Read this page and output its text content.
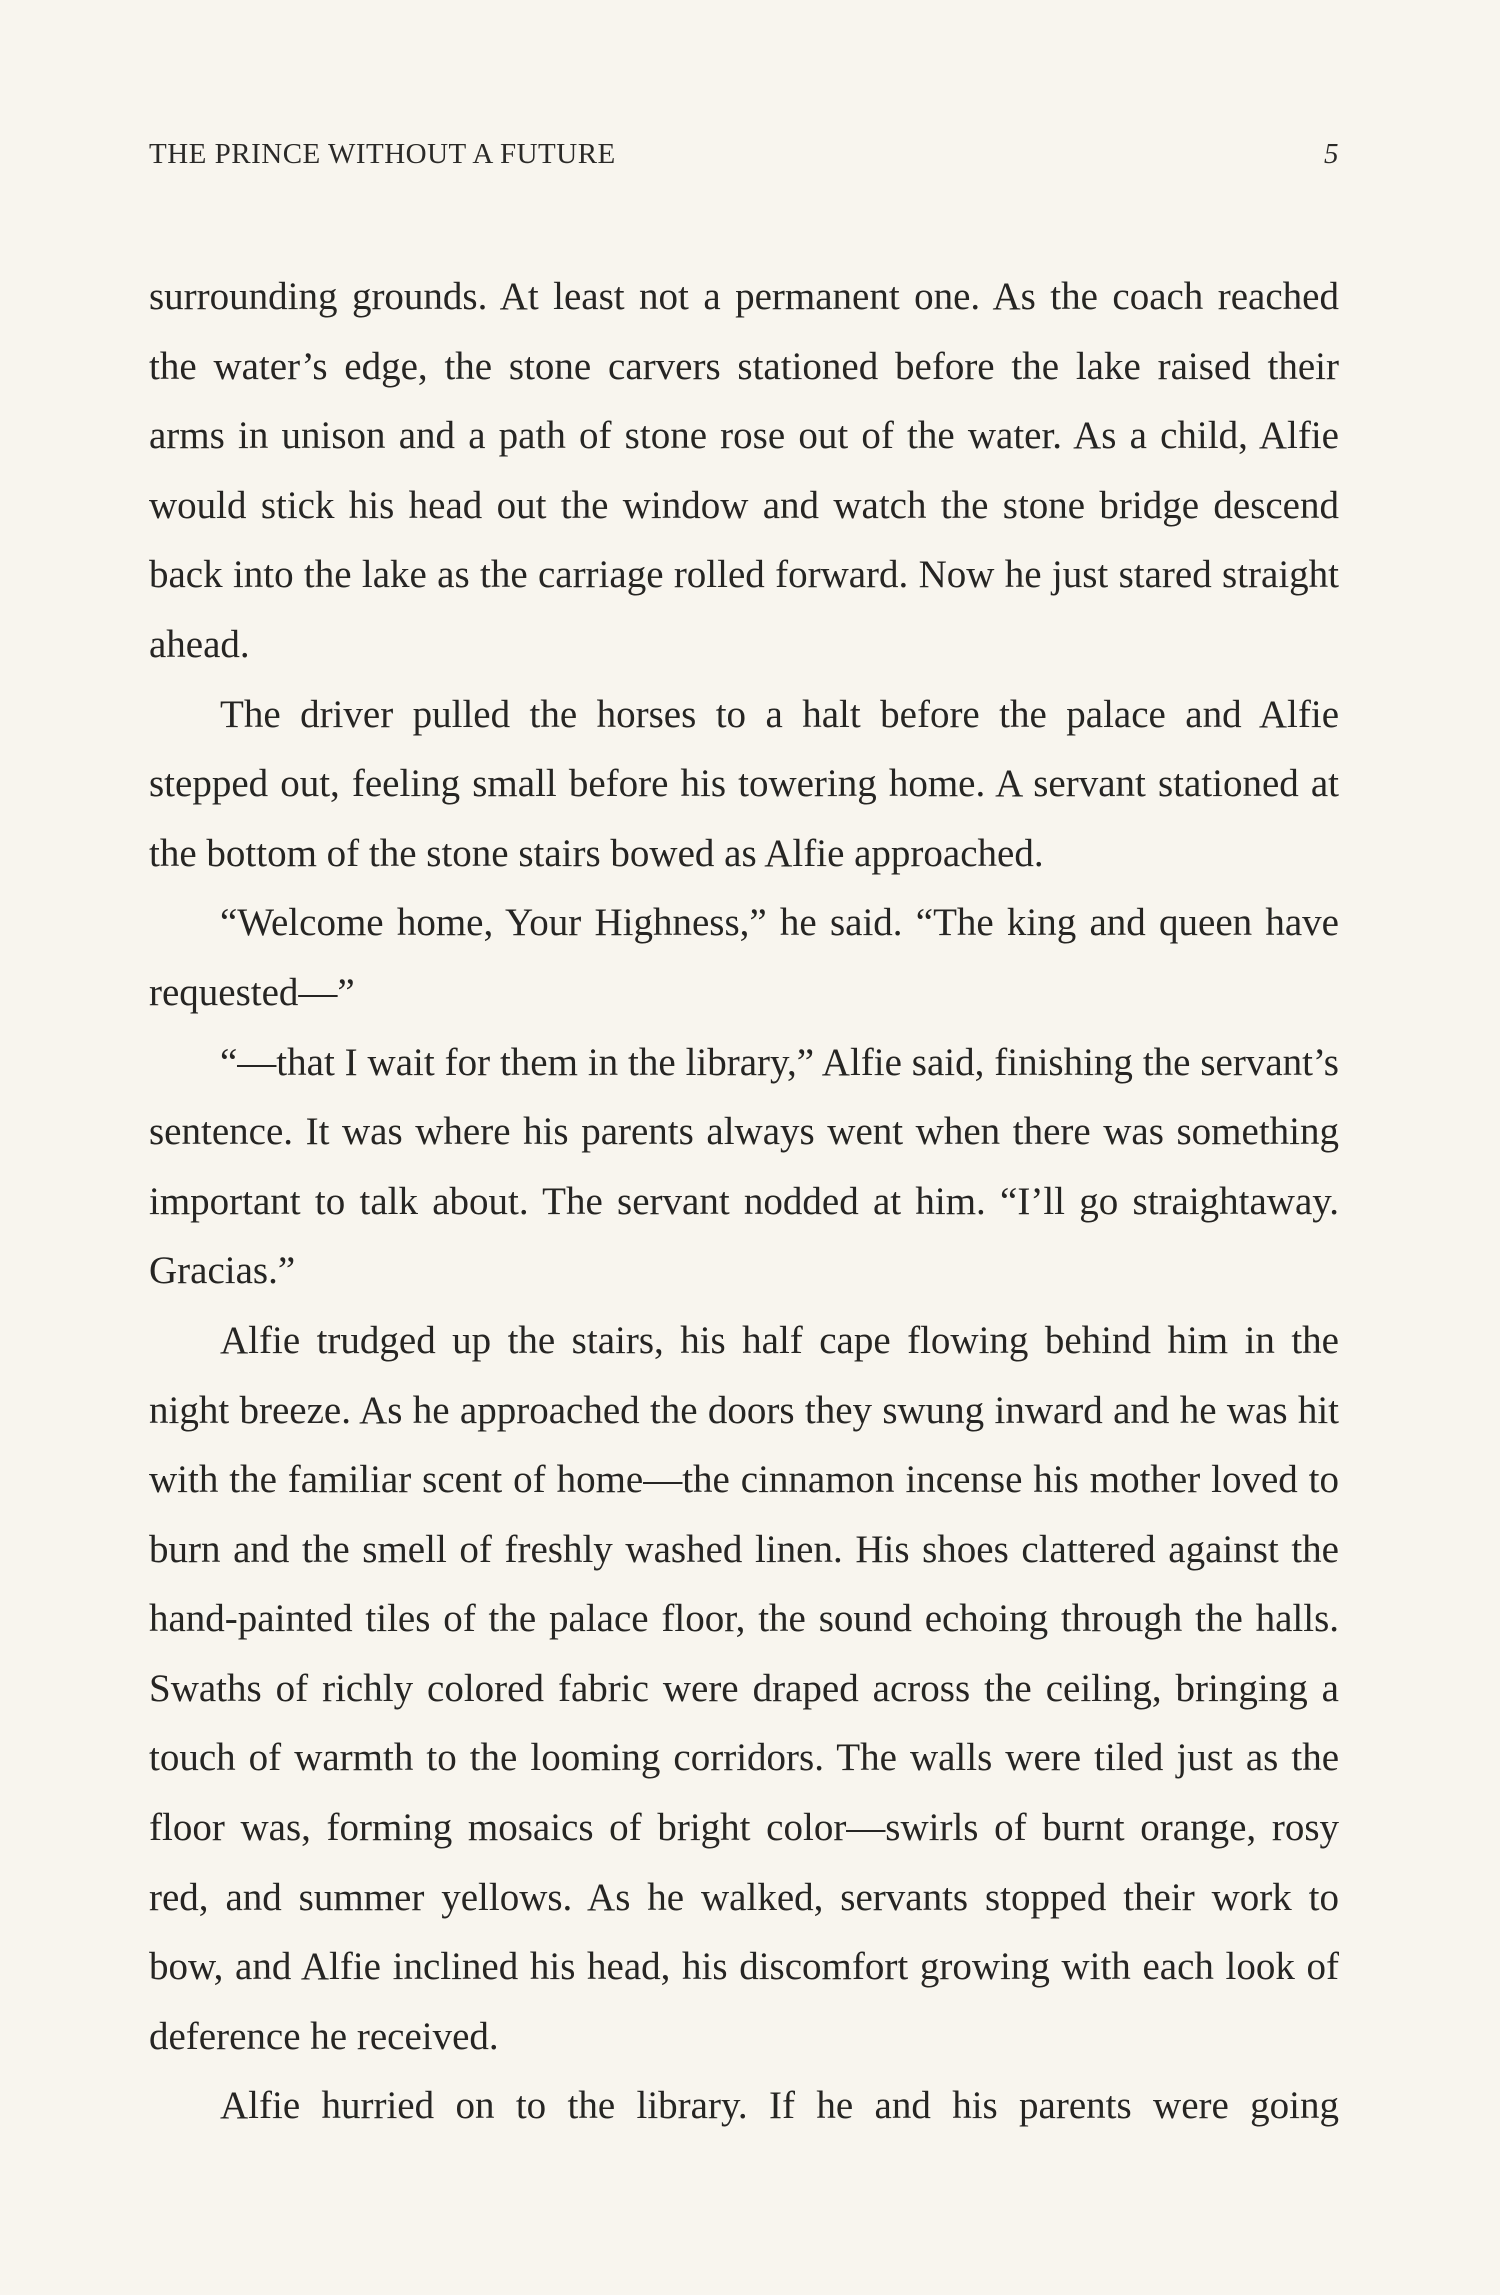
THE PRINCE WITHOUT A FUTURE	5

surrounding grounds. At least not a permanent one. As the coach reached the water’s edge, the stone carvers stationed before the lake raised their arms in unison and a path of stone rose out of the water. As a child, Alfie would stick his head out the window and watch the stone bridge descend back into the lake as the carriage rolled forward. Now he just stared straight ahead.

The driver pulled the horses to a halt before the palace and Alfie stepped out, feeling small before his towering home. A servant stationed at the bottom of the stone stairs bowed as Alfie approached.

“Welcome home, Your Highness,” he said. “The king and queen have requested—”

“—that I wait for them in the library,” Alfie said, finishing the servant’s sentence. It was where his parents always went when there was something important to talk about. The servant nodded at him. “I’ll go straightaway. Gracias.”

Alfie trudged up the stairs, his half cape flowing behind him in the night breeze. As he approached the doors they swung inward and he was hit with the familiar scent of home—the cinnamon incense his mother loved to burn and the smell of freshly washed linen. His shoes clattered against the hand-painted tiles of the palace floor, the sound echoing through the halls. Swaths of richly colored fabric were draped across the ceiling, bringing a touch of warmth to the looming corridors. The walls were tiled just as the floor was, forming mosaics of bright color—swirls of burnt orange, rosy red, and summer yellows. As he walked, servants stopped their work to bow, and Alfie inclined his head, his discomfort growing with each look of deference he received.

Alfie hurried on to the library. If he and his parents were going
